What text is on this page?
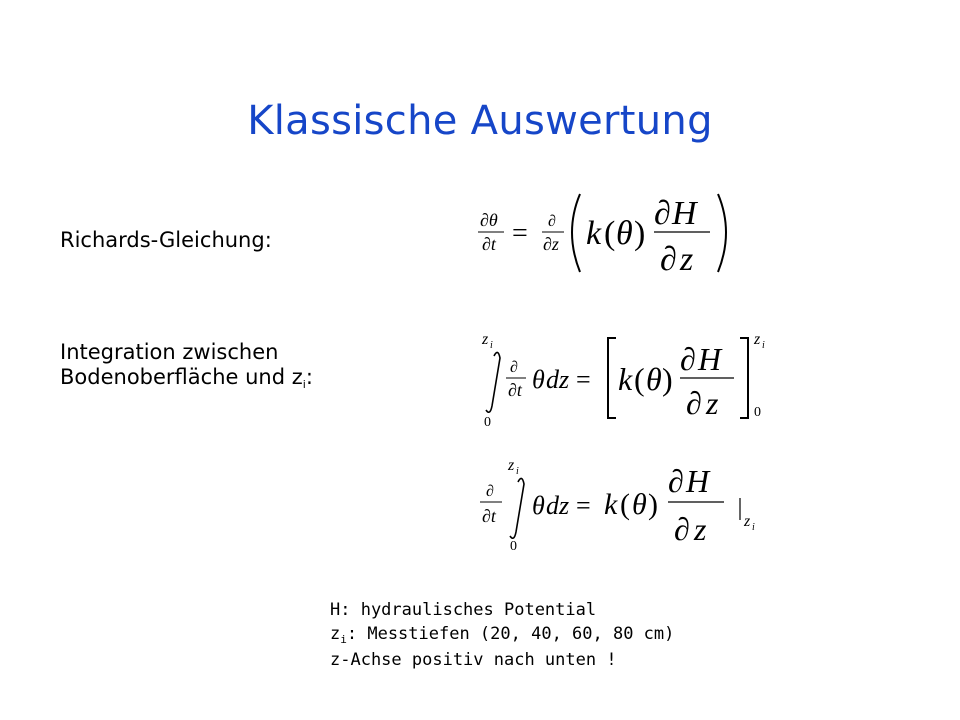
Klassische Auswertung
Richards-Gleichung:
Integration zwischen
Bodenoberfläche und zi:
∂θ
∂t = ∂
∂z k ( θ )
∂ H
∂ z
z i
0
∂
∂t θ dz = k ( θ )
∂ H
∂ z
z i
0
∂
∂t
z i
0
θ dz = k ( θ )
∂ H
∂ z z i
H: hydraulisches Potential
$z_i$: Messtiefen (20, 40, 60, 80 cm)
z-Achse positiv nach unten !
